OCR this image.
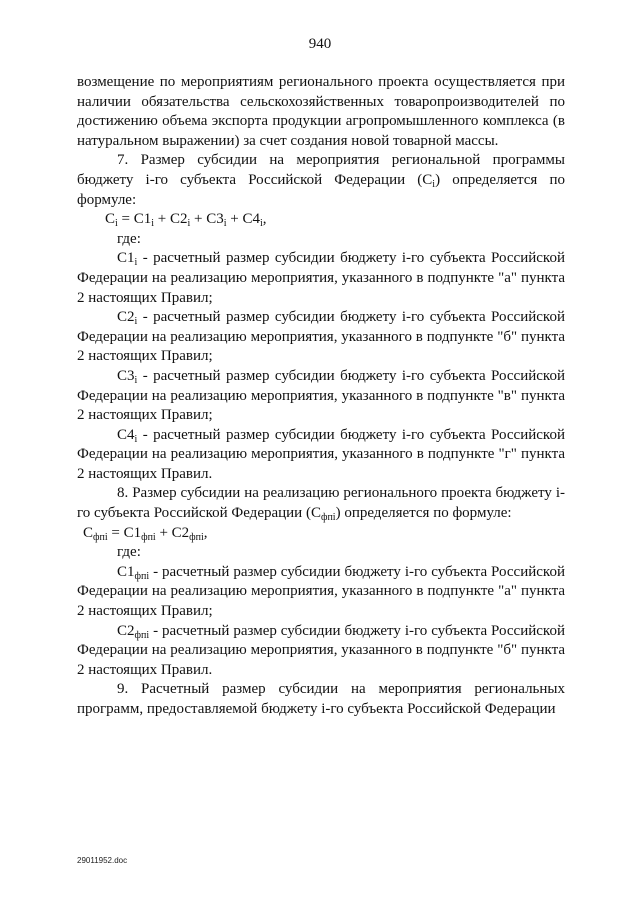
940

возмещение по мероприятиям регионального проекта осуществляется при наличии обязательства сельскохозяйственных товаропроизводителей по достижению объема экспорта продукции агропромышленного комплекса (в натуральном выражении) за счет создания новой товарной массы.

7. Размер субсидии на мероприятия региональной программы бюджету i-го субъекта Российской Федерации $(C_i)$ определяется по формуле:

$C_i = C1_i + C2_i + C3_i + C4_i$,

где:

$C1_i$ - расчетный размер субсидии бюджету i-го субъекта Российской Федерации на реализацию мероприятия, указанного в подпункте "а" пункта 2 настоящих Правил;

$C2_i$ - расчетный размер субсидии бюджету i-го субъекта Российской Федерации на реализацию мероприятия, указанного в подпункте "б" пункта 2 настоящих Правил;

$C3_i$ - расчетный размер субсидии бюджету i-го субъекта Российской Федерации на реализацию мероприятия, указанного в подпункте "в" пункта 2 настоящих Правил;

$C4_i$ - расчетный размер субсидии бюджету i-го субъекта Российской Федерации на реализацию мероприятия, указанного в подпункте "г" пункта 2 настоящих Правил.

8. Размер субсидии на реализацию регионального проекта бюджету i-го субъекта Российской Федерации $(C_{фпi})$ определяется по формуле:

$C_{фпi} = C1_{фпi} + C2_{фпi}$,

где:

$C1_{фпi}$ - расчетный размер субсидии бюджету i-го субъекта Российской Федерации на реализацию мероприятия, указанного в подпункте "а" пункта 2 настоящих Правил;

$C2_{фпi}$ - расчетный размер субсидии бюджету i-го субъекта Российской Федерации на реализацию мероприятия, указанного в подпункте "б" пункта 2 настоящих Правил.

9. Расчетный размер субсидии на мероприятия региональных программ, предоставляемой бюджету i-го субъекта Российской Федерации

29011952.doc
